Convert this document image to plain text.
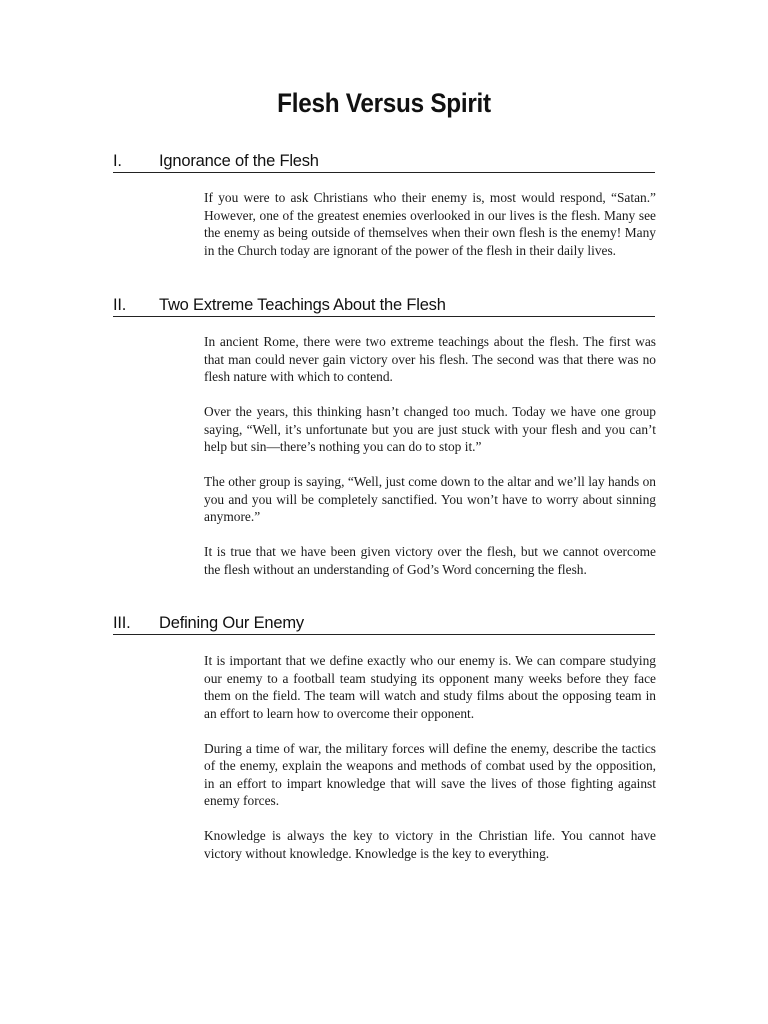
Flesh Versus Spirit
I. Ignorance of the Flesh

If you were to ask Christians who their enemy is, most would respond, “Satan.” However, one of the greatest enemies overlooked in our lives is the flesh. Many see the enemy as being outside of themselves when their own flesh is the enemy! Many in the Church today are ignorant of the power of the flesh in their daily lives.

II. Two Extreme Teachings About the Flesh

In ancient Rome, there were two extreme teachings about the flesh. The first was that man could never gain victory over his flesh. The second was that there was no flesh nature with which to contend.

Over the years, this thinking hasn’t changed too much. Today we have one group saying, “Well, it’s unfortunate but you are just stuck with your flesh and you can’t help but sin—there’s nothing you can do to stop it.”

The other group is saying, “Well, just come down to the altar and we’ll lay hands on you and you will be completely sanctified. You won’t have to worry about sinning anymore.”

It is true that we have been given victory over the flesh, but we cannot overcome the flesh without an understanding of God’s Word concerning the flesh.

III. Defining Our Enemy

It is important that we define exactly who our enemy is. We can compare studying our enemy to a football team studying its opponent many weeks before they face them on the field. The team will watch and study films about the opposing team in an effort to learn how to overcome their opponent.

During a time of war, the military forces will define the enemy, describe the tactics of the enemy, explain the weapons and methods of combat used by the opposition, in an effort to impart knowledge that will save the lives of those fighting against enemy forces.

Knowledge is always the key to victory in the Christian life. You cannot have victory without knowledge. Knowledge is the key to everything.
